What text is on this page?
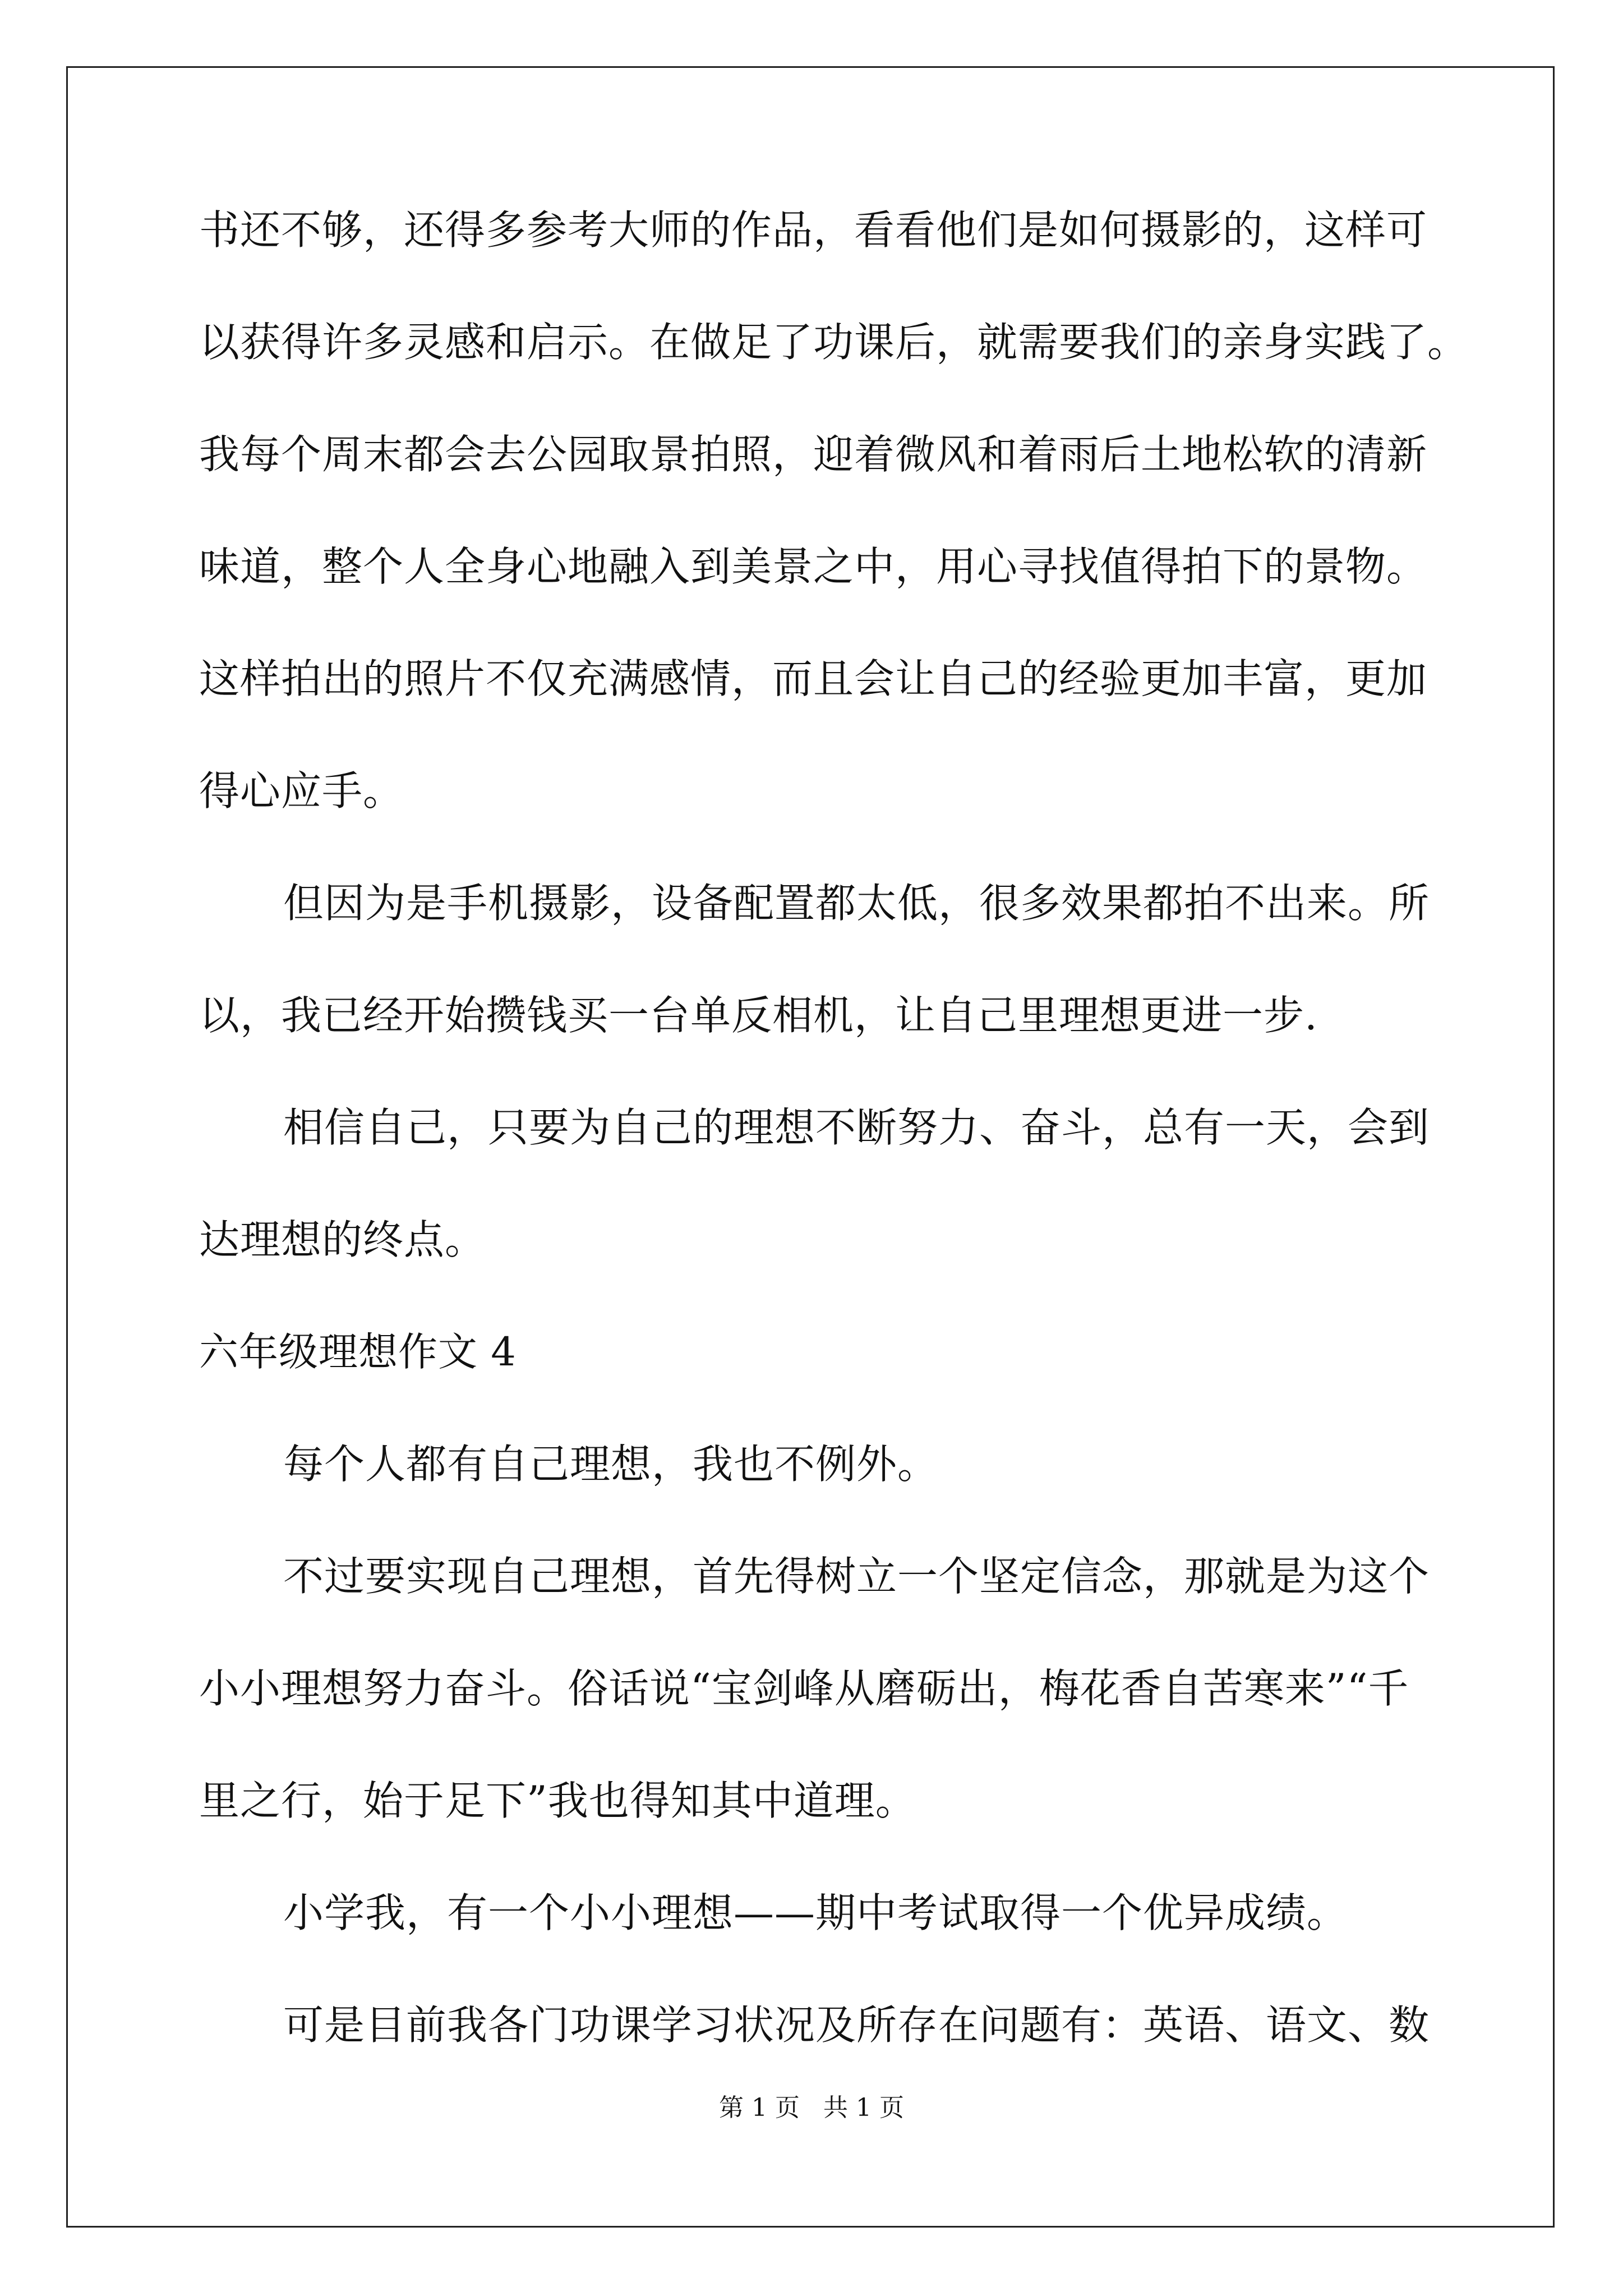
书还不够，还得多参考大师的作品，看看他们是如何摄影的，这样可
以获得许多灵感和启示。在做足了功课后，就需要我们的亲身实践了。
我每个周末都会去公园取景拍照，迎着微风和着雨后土地松软的清新
味道，整个人全身心地融入到美景之中，用心寻找值得拍下的景物。
这样拍出的照片不仅充满感情，而且会让自己的经验更加丰富，更加
得心应手。
但因为是手机摄影，设备配置都太低，很多效果都拍不出来。所
以，我已经开始攒钱买一台单反相机，让自己里理想更进一步.
相信自己，只要为自己的理想不断努力、奋斗，总有一天，会到
达理想的终点。
六年级理想作文 4
每个人都有自己理想，我也不例外。
不过要实现自己理想，首先得树立一个坚定信念，那就是为这个
小小理想努力奋斗。俗话说“宝剑峰从磨砺出，梅花香自苦寒来”“千
里之行，始于足下”我也得知其中道理。
小学我，有一个小小理想——期中考试取得一个优异成绩。
可是目前我各门功课学习状况及所存在问题有：英语、语文、数
第 1 页 共 1 页
